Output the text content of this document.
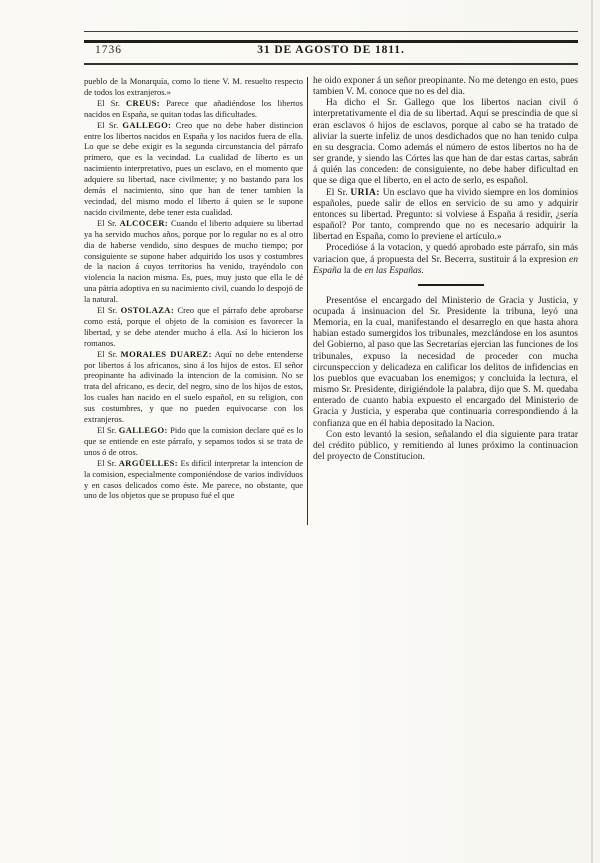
1736	31 DE AGOSTO DE 1811.

pueblo de la Monarquía, como lo tiene V. M. resuelto respecto de todos los extranjeros.»

El Sr. CREUS: Parece que añadiéndose los libertos nacidos en España, se quitan todas las dificultades.

El Sr. GALLEGO: Creo que no debe haber distincion entre los libertos nacidos en España y los nacidos fuera de ella. Lo que se debe exigir es la segunda circunstancia del párrafo primero, que es la vecindad. La cualidad de liberto es un nacimiento interpretativo, pues un esclavo, en el momento que adquiere su libertad, nace civilmente; y no bastando para los demás el nacimiento, sino que han de tener tambien la vecindad, del mismo modo el liberto á quien se le supone nacido civilmente, debe tener esta cualidad.

El Sr. ALCOCER: Cuando el liberto adquiere su libertad ya ha servido muchos años, porque por lo regular no es al otro dia de haberse vendido, sino despues de mucho tiempo; por consiguiente se supone haber adquirido los usos y costumbres de la nacion á cuyos territorios ha venido, trayéndolo con violencia la nacion misma. Es, pues, muy justo que ella le dé una pátria adoptiva en su nacimiento civil, cuando lo despojó de la natural.

El Sr. OSTOLAZA: Creo que el párrafo debe aprobarse como está, porque el objeto de la comision es favorecer la libertad, y se debe atender mucho á ella. Así lo hicieron los romanos.

El Sr. MORALES DUAREZ: Aquí no debe entenderse por libertos á los africanos, sino á los hijos de estos. El señor preopinante ha adivinado la intencion de la comision. No se trata del africano, es decir, del negro, sino de los hijos de estos, los cuales han nacido en el suelo español, en su religion, con sus costumbres, y que no pueden equivocarse con los extranjeros.

El Sr. GALLEGO: Pido que la comision declare qué es lo que se entiende en este párrafo, y sepamos todos si se trata de unos ó de otros.

El Sr. ARGÜELLES: Es difícil interpretar la intencion de la comision, especialmente componiéndose de varios indivíduos y en casos delicados como éste. Me parece, no obstante, que uno de los objetos que se propuso fué el que

he oido exponer á un señor preopinante. No me detengo en esto, pues tambien V. M. conoce que no es del dia.

Ha dicho el Sr. Gallego que los libertos nacian civil ó interpretativamente el dia de su libertad. Aquí se prescindia de que si eran esclavos ó hijos de esclavos, porque al cabo se ha tratado de aliviar la suerte infeliz de unos desdichados que no han tenido culpa en su desgracia. Como además el número de estos libertos no ha de ser grande, y siendo las Córtes las que han de dar estas cartas, sabrán á quién las conceden: de consiguiente, no debe haber dificultad en que se diga que el liberto, en el acto de serlo, es español.

El Sr. URIA: Un esclavo que ha vivido siempre en los dominios españoles, puede salir de ellos en servicio de su amo y adquirir entonces su libertad. Pregunto: si volviese á España á residir, ¿sería español? Por tanto, comprendo que no es necesario adquirir la libertad en España, como lo previene el artículo.»

Procedióse á la votacion, y quedó aprobado este párrafo, sin más variacion que, á propuesta del Sr. Becerra, sustituir á la expresion en España la de en las Españas.

Presentóse el encargado del Ministerio de Gracia y Justicia, y ocupada á insinuacion del Sr. Presidente la tribuna, leyó una Memoria, en la cual, manifestando el desarreglo en que hasta ahora habian estado sumergidos los tribunales, mezclándose en los asuntos del Gobierno, al paso que las Secretarías ejercian las funciones de los tribunales, expuso la necesidad de proceder con mucha circunspeccion y delicadeza en calificar los delitos de infidencias en los pueblos que evacuaban los enemigos; y concluida la lectura, el mismo Sr. Presidente, dirigiéndole la palabra, dijo que S. M. quedaba enterado de cuanto habia expuesto el encargado del Ministerio de Gracia y Justicia, y esperaba que continuaria correspondiendo á la confianza que en él habia depositado la Nacion.

Con esto levantó la sesion, señalando el dia siguiente para tratar del crédito público, y remitiendo al lunes próximo la continuacion del proyecto de Constitucion.
